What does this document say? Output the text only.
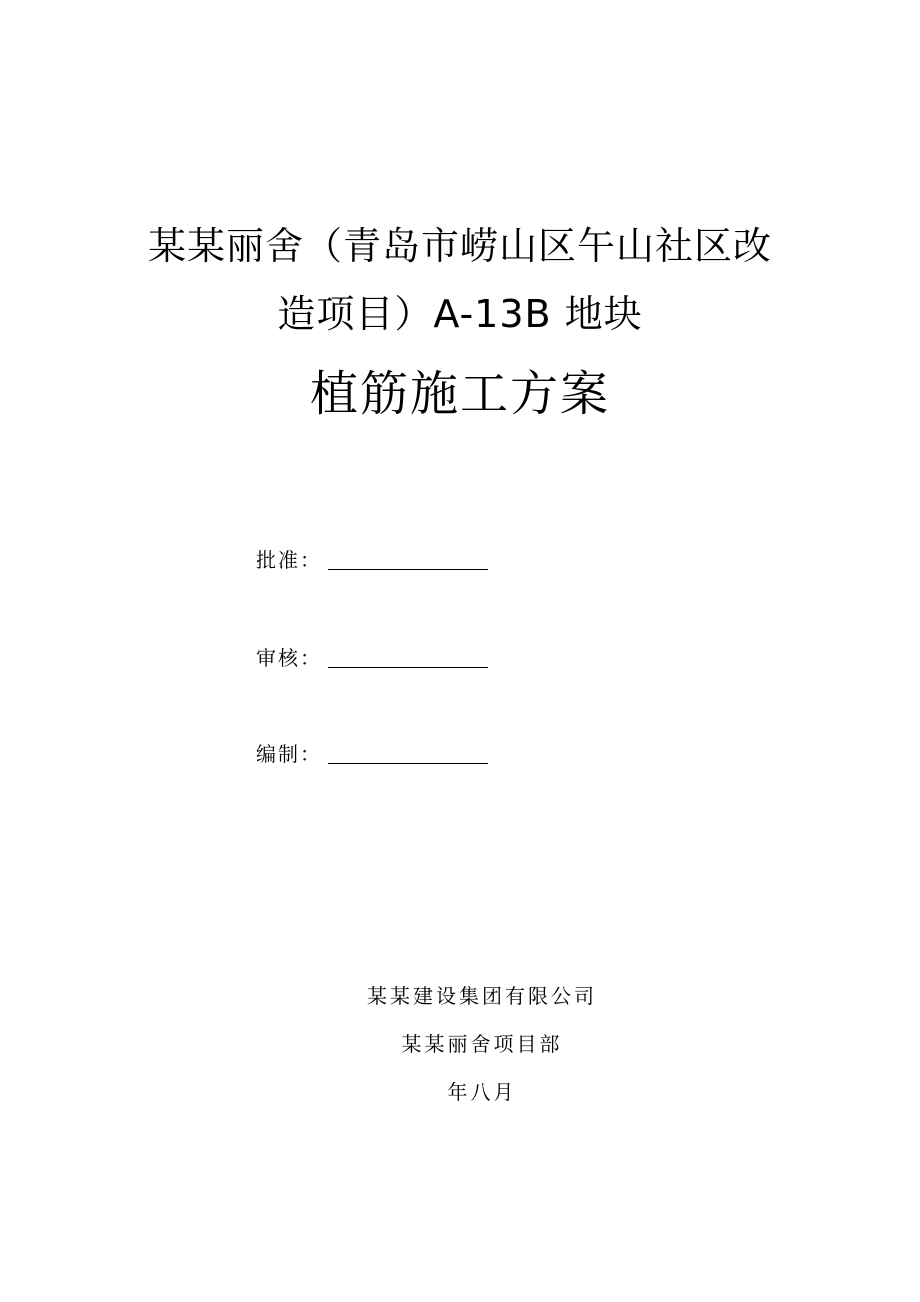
某某丽舍（青岛市崂山区午山社区改
造项目）A-13B 地块
植筋施工方案
批准：
审核：
编制：
某某建设集团有限公司
某某丽舍项目部
年八月
